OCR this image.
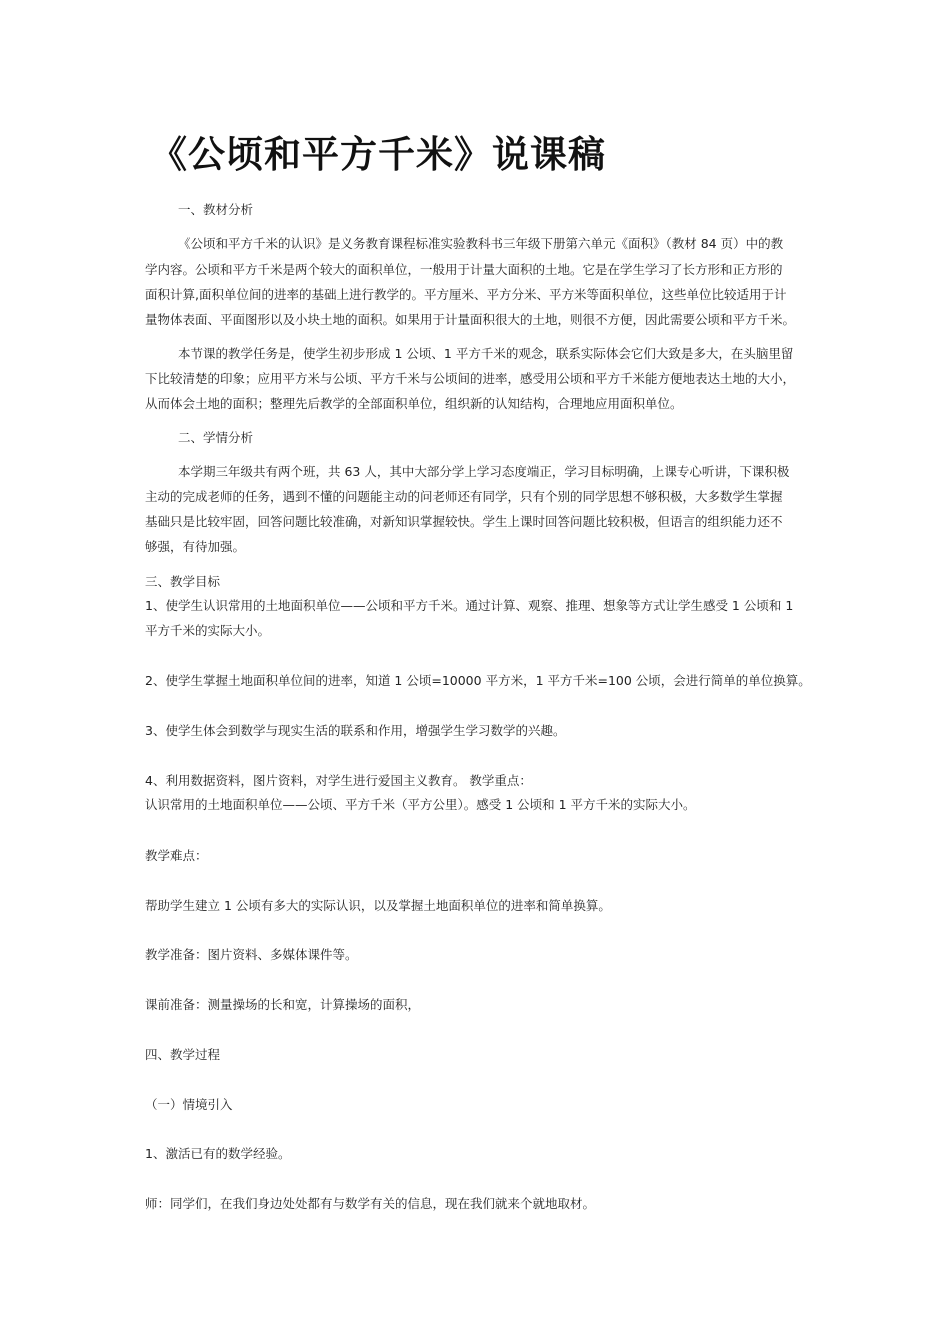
《公顷和平方千米》说课稿
一、教材分析
《公顷和平方千米的认识》是义务教育课程标准实验教科书三年级下册第六单元《面积》（教材 84 页）中的教
学内容。公顷和平方千米是两个较大的面积单位，一般用于计量大面积的土地。它是在学生学习了长方形和正方形的
面积计算,面积单位间的进率的基础上进行教学的。平方厘米、平方分米、平方米等面积单位，这些单位比较适用于计
量物体表面、平面图形以及小块土地的面积。如果用于计量面积很大的土地，则很不方便，因此需要公顷和平方千米。
本节课的教学任务是，使学生初步形成 1 公顷、1 平方千米的观念，联系实际体会它们大致是多大，在头脑里留
下比较清楚的印象；应用平方米与公顷、平方千米与公顷间的进率，感受用公顷和平方千米能方便地表达土地的大小，
从而体会土地的面积；整理先后教学的全部面积单位，组织新的认知结构，合理地应用面积单位。
二、学情分析
本学期三年级共有两个班，共 63 人，其中大部分学上学习态度端正，学习目标明确，上课专心听讲，下课积极
主动的完成老师的任务，遇到不懂的问题能主动的问老师还有同学，只有个别的同学思想不够积极，大多数学生掌握
基础只是比较牢固，回答问题比较准确，对新知识掌握较快。学生上课时回答问题比较积极，但语言的组织能力还不
够强，有待加强。
三、教学目标
1、使学生认识常用的土地面积单位——公顷和平方千米。通过计算、观察、推理、想象等方式让学生感受 1 公顷和 1
平方千米的实际大小。
2、使学生掌握土地面积单位间的进率，知道 1 公顷=10000 平方米，1 平方千米=100 公顷，会进行简单的单位换算。
3、使学生体会到数学与现实生活的联系和作用，增强学生学习数学的兴趣。
4、利用数据资料，图片资料，对学生进行爱国主义教育。 教学重点：
认识常用的土地面积单位——公顷、平方千米（平方公里）。感受 1 公顷和 1 平方千米的实际大小。
教学难点：
帮助学生建立 1 公顷有多大的实际认识，以及掌握土地面积单位的进率和简单换算。
教学准备：图片资料、多媒体课件等。
课前准备：测量操场的长和宽，计算操场的面积，
四、教学过程
（一）情境引入
1、激活已有的数学经验。
师：同学们，在我们身边处处都有与数学有关的信息，现在我们就来个就地取材。
